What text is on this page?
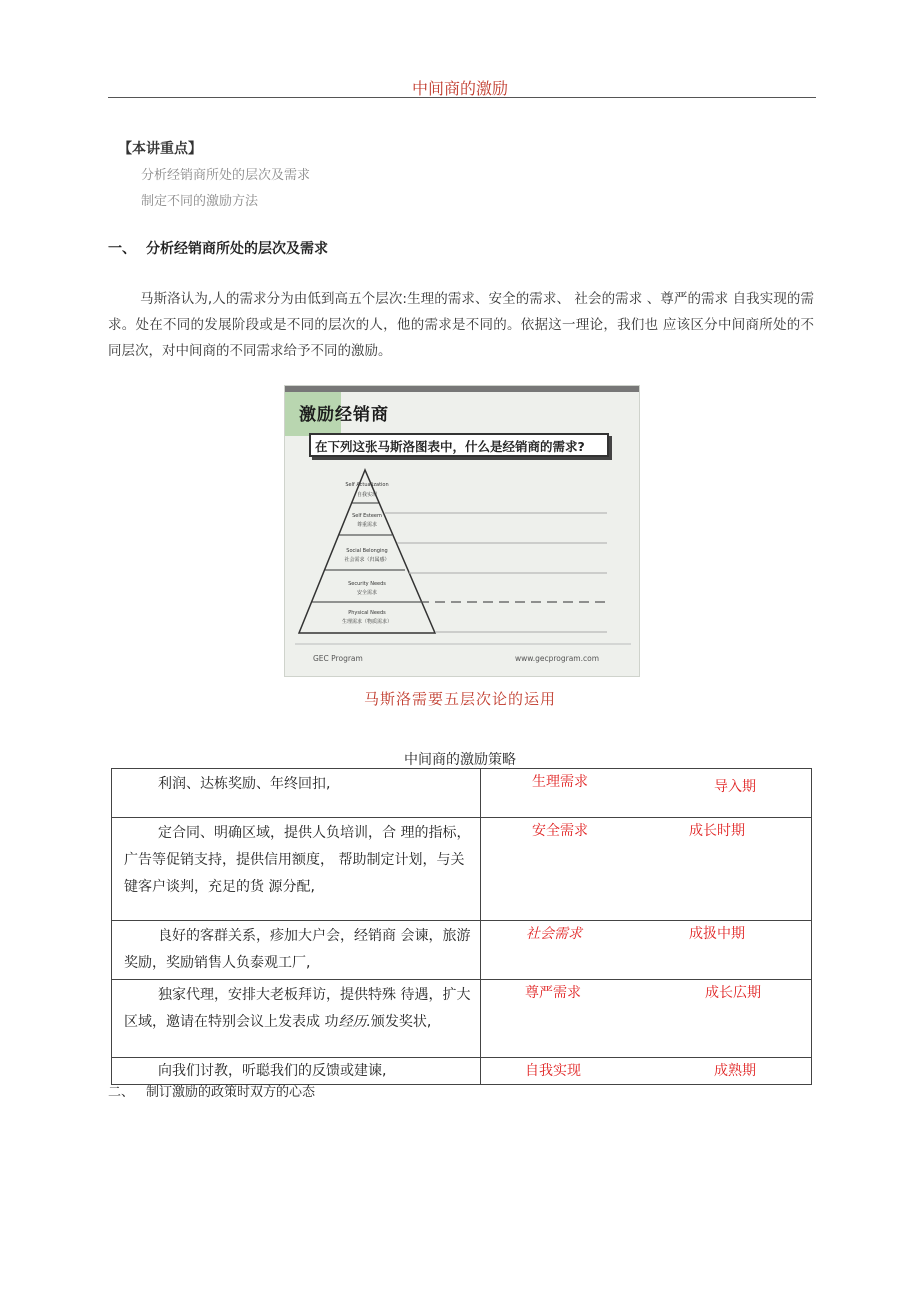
中间商的激励
【本讲重点】
分析经销商所处的层次及需求
制定不同的激励方法
一、 分析经销商所处的层次及需求
马斯洛认为,人的需求分为由低到高五个层次:生理的需求、安全的需求、 社会的需求 、尊严的需求 自我实现的需求。处在不同的发展阶段或是不同的层次的人，他的需求是不同的。依据这一理论，我们也 应该区分中间商所处的不同层次，对中间商的不同需求给予不同的激励。
激励经销商
在下列这张马斯洛图表中，什么是经销商的需求?
Self Actualization
自我实现
Self Esteem
尊重需求
Social Belonging
社会需求（归属感）
Security Needs
安全需求
Physical Needs
生理需求（物质需求）
GEC Program	www.gecprogram.com
马斯洛需要五层次论的运用
中间商的激励策略
利润、达栋奖励、年终回扣,	生理需求 导入期

定合同、明确区域，提供人负培训，合 理的指标，广告等促销支持，提供信用额度， 帮助制定计划，与关键客户谈判，充足的货 源分配,	安全需求 成长时期

良好的客群关系，疹加大户会，经销商 会谏，旅游奖励，奖励销售人负泰观工厂,	社会需求 成扱中期

独家代理，安排大老板拜访，提供特殊 待遇，扩大区域，邀请在特别会议上发表成 功经历.颁发奖状,	尊严需求 成长広期

向我们讨教，听聪我们的反馈或建谏,	自我实现 成熟期
二、 制订激励的政策时双方的心态
